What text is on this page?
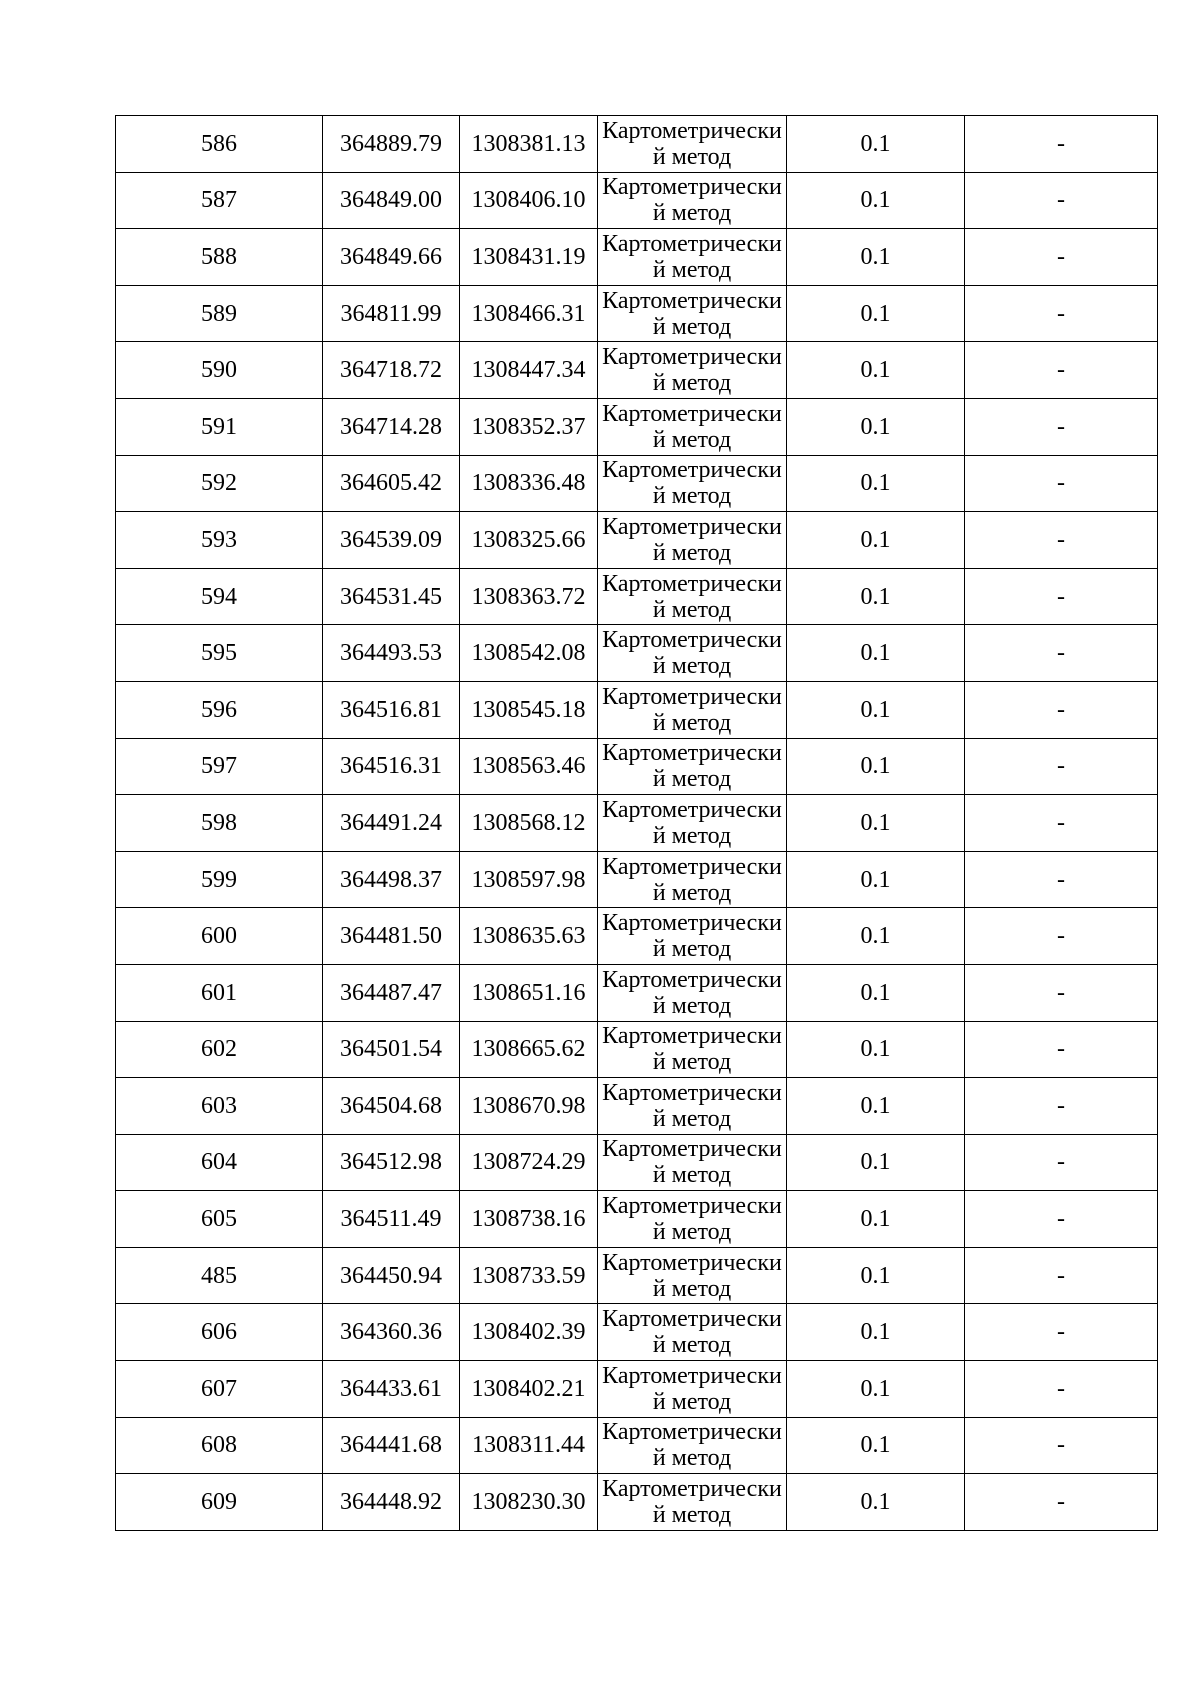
586	364889.79	1308381.13	Картометрический метод	0.1	-
587	364849.00	1308406.10	Картометрический метод	0.1	-
588	364849.66	1308431.19	Картометрический метод	0.1	-
589	364811.99	1308466.31	Картометрический метод	0.1	-
590	364718.72	1308447.34	Картометрический метод	0.1	-
591	364714.28	1308352.37	Картометрический метод	0.1	-
592	364605.42	1308336.48	Картометрический метод	0.1	-
593	364539.09	1308325.66	Картометрический метод	0.1	-
594	364531.45	1308363.72	Картометрический метод	0.1	-
595	364493.53	1308542.08	Картометрический метод	0.1	-
596	364516.81	1308545.18	Картометрический метод	0.1	-
597	364516.31	1308563.46	Картометрический метод	0.1	-
598	364491.24	1308568.12	Картометрический метод	0.1	-
599	364498.37	1308597.98	Картометрический метод	0.1	-
600	364481.50	1308635.63	Картометрический метод	0.1	-
601	364487.47	1308651.16	Картометрический метод	0.1	-
602	364501.54	1308665.62	Картометрический метод	0.1	-
603	364504.68	1308670.98	Картометрический метод	0.1	-
604	364512.98	1308724.29	Картометрический метод	0.1	-
605	364511.49	1308738.16	Картометрический метод	0.1	-
485	364450.94	1308733.59	Картометрический метод	0.1	-
606	364360.36	1308402.39	Картометрический метод	0.1	-
607	364433.61	1308402.21	Картометрический метод	0.1	-
608	364441.68	1308311.44	Картометрический метод	0.1	-
609	364448.92	1308230.30	Картометрический метод	0.1	-
